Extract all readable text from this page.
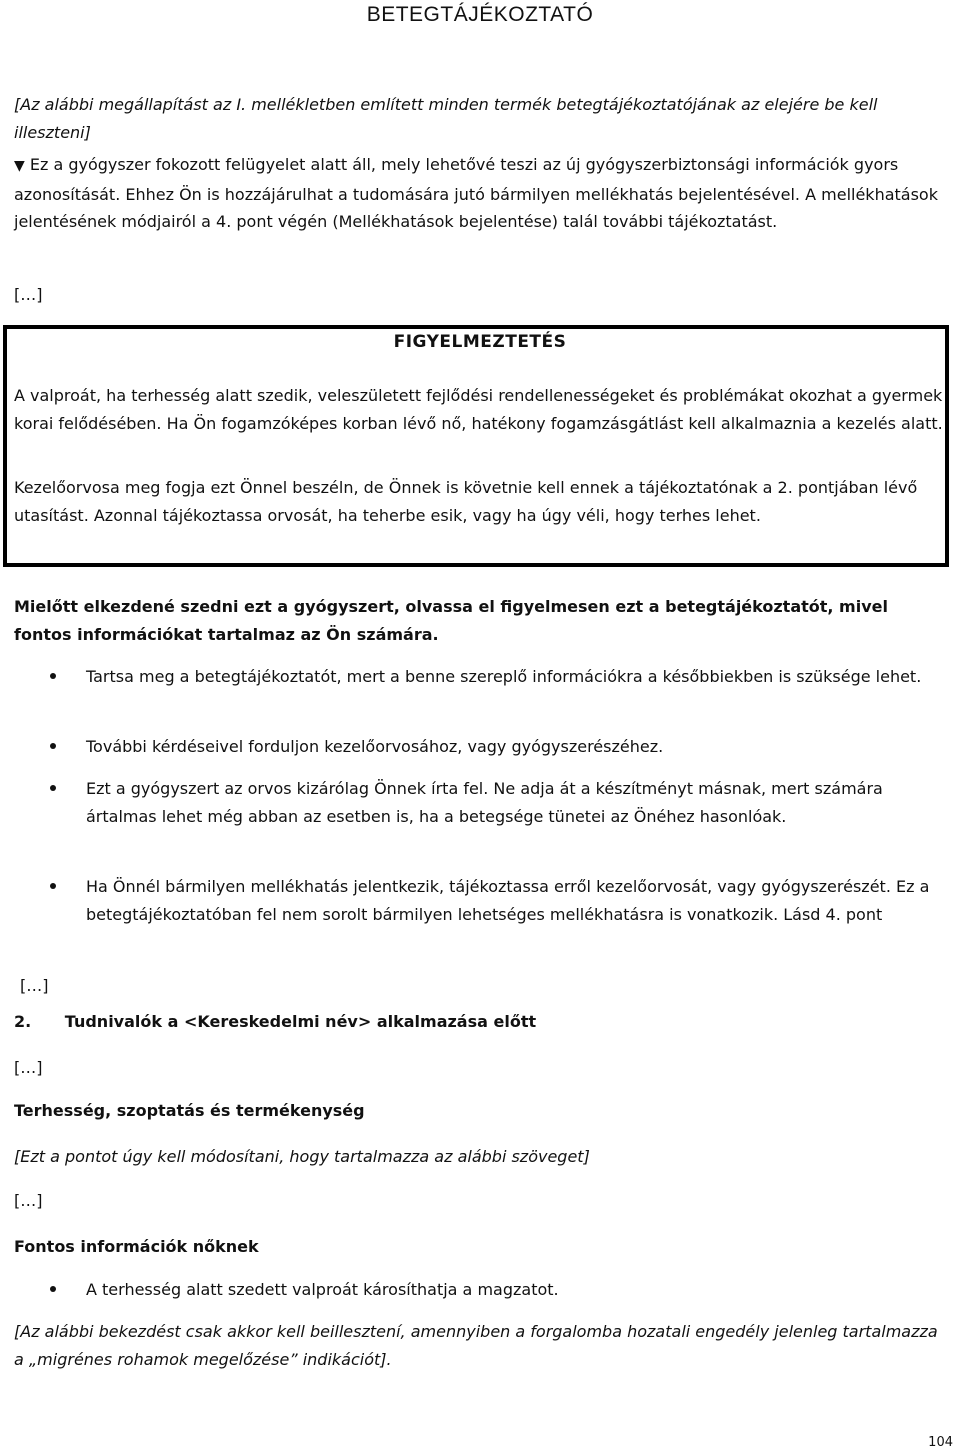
BETEGTÁJÉKOZTATÓ
[Az alábbi megállapítást az I. mellékletben említett minden termék betegtájékoztatójának az elejére be kell illeszteni]
▼ Ez a gyógyszer fokozott felügyelet alatt áll, mely lehetővé teszi az új gyógyszerbiztonsági információk gyors azonosítását. Ehhez Ön is hozzájárulhat a tudomására jutó bármilyen mellékhatás bejelentésével. A mellékhatások jelentésének módjairól a 4. pont végén (Mellékhatások bejelentése) talál további tájékoztatást.
[…]
FIGYELMEZTETÉS
A valproát, ha terhesség alatt szedik, veleszületett fejlődési rendellenességeket és problémákat okozhat a gyermek korai felődésében. Ha Ön fogamzóképes korban lévő nő, hatékony fogamzásgátlást kell alkalmaznia a kezelés alatt.
Kezelőorvosa meg fogja ezt Önnel beszéln, de Önnek is követnie kell ennek a tájékoztatónak a 2. pontjában lévő utasítást. Azonnal tájékoztassa orvosát, ha teherbe esik, vagy ha úgy véli, hogy terhes lehet.
Mielőtt elkezdené szedni ezt a gyógyszert, olvassa el figyelmesen ezt a betegtájékoztatót, mivel fontos információkat tartalmaz az Ön számára.
Tartsa meg a betegtájékoztatót, mert a benne szereplő információkra a későbbiekben is szüksége lehet.
További kérdéseivel forduljon kezelőorvosához, vagy gyógyszerészéhez.
Ezt a gyógyszert az orvos kizárólag Önnek írta fel. Ne adja át a készítményt másnak, mert számára ártalmas lehet még abban az esetben is, ha a betegsége tünetei az Önéhez hasonlóak.
Ha Önnél bármilyen mellékhatás jelentkezik, tájékoztassa erről kezelőorvosát, vagy gyógyszerészét. Ez a betegtájékoztatóban fel nem sorolt bármilyen lehetséges mellékhatásra is vonatkozik. Lásd 4. pont
[…]
2. Tudnivalók a <Kereskedelmi név> alkalmazása előtt
[…]
Terhesség, szoptatás és termékenység
[Ezt a pontot úgy kell módosítani, hogy tartalmazza az alábbi szöveget]
[…]
Fontos információk nőknek
A terhesség alatt szedett valproát károsíthatja a magzatot.
[Az alábbi bekezdést csak akkor kell beillesztení, amennyiben a forgalomba hozatali engedély jelenleg tartalmazza a „migrénes rohamok megelőzése” indikációt].
104
